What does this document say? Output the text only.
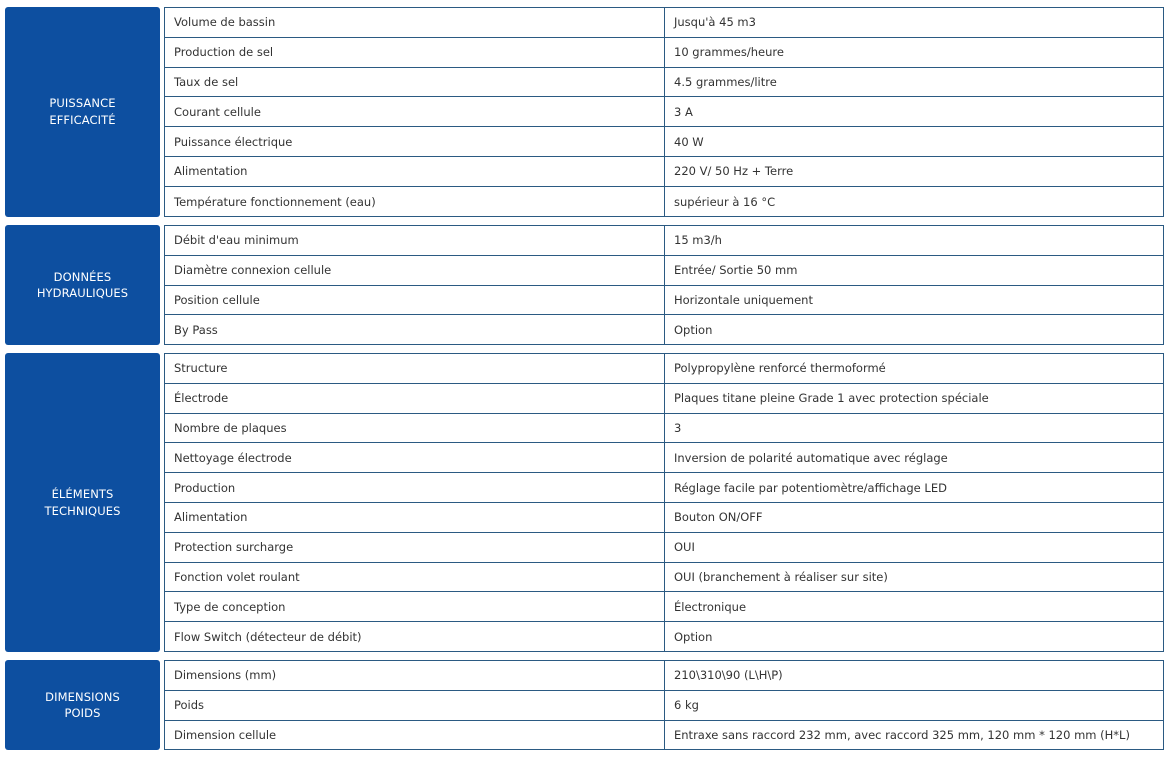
PUISSANCE
EFFICACITÉ
Volume de bassin	Jusqu'à 45 m3
Production de sel	10 grammes/heure
Taux de sel	4.5 grammes/litre
Courant cellule	3 A
Puissance électrique	40 W
Alimentation	220 V/ 50 Hz + Terre
Température fonctionnement (eau)	supérieur à 16 °C
DONNÉES
HYDRAULIQUES
Débit d'eau minimum	15 m3/h
Diamètre connexion cellule	Entrée/ Sortie 50 mm
Position cellule	Horizontale uniquement
By Pass	Option
ÉLÉMENTS
TECHNIQUES
Structure	Polypropylène renforcé thermoformé
Électrode	Plaques titane pleine Grade 1 avec protection spéciale
Nombre de plaques	3
Nettoyage électrode	Inversion de polarité automatique avec réglage
Production	Réglage facile par potentiomètre/affichage LED
Alimentation	Bouton ON/OFF
Protection surcharge	OUI
Fonction volet roulant	OUI (branchement à réaliser sur site)
Type de conception	Électronique
Flow Switch (détecteur de débit)	Option
DIMENSIONS
POIDS
Dimensions (mm)	210\310\90 (L\H\P)
Poids	6 kg
Dimension cellule	Entraxe sans raccord 232 mm, avec raccord 325 mm, 120 mm * 120 mm (H*L)
